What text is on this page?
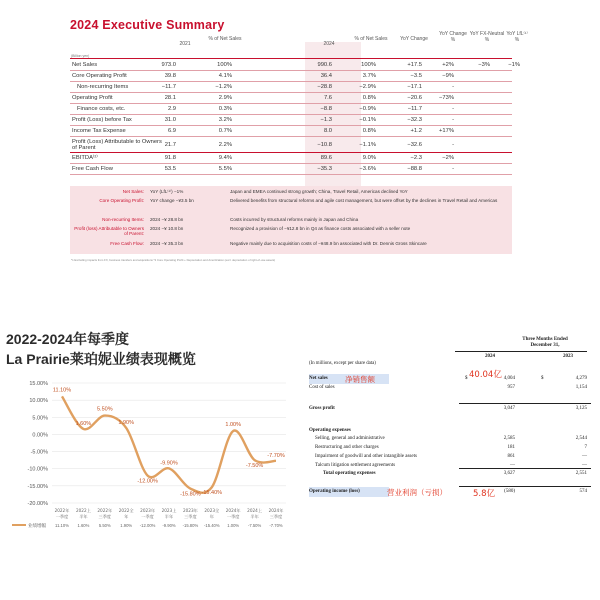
2024 Executive Summary
(Billion yen)
2021
% of Net Sales
2024
% of Net Sales	YoY Change
YoY Change %
YoY FX-Neutral %
YoY LfL⁽¹⁾ %
Net Sales	973.0	100%	990.6	100%	+17.5	+2%	−3%	−1%
Core Operating Profit	39.8	4.1%	36.4	3.7%	−3.5	−9%
Non-recurring Items	−11.7	−1.2%	−28.8	−2.9%	−17.1	-
Operating Profit	28.1	2.9%	7.6	0.8%	−20.6	−73%
Finance costs, etc.	2.9	0.3%	−8.8	−0.9%	−11.7	-
Profit (Loss) before Tax	31.0	3.2%	−1.3	−0.1%	−32.3	-
Income Tax Expense	6.9	0.7%	8.0	0.8%	+1.2	+17%
Profit (Loss) Attributable to Owners of Parent	21.7	2.2%	−10.8	−1.1%	−32.6	-
EBITDA⁽²⁾	91.8	9.4%	89.6	9.0%	−2.3	−2%
Free Cash Flow	53.5	5.5%	−35.3	−3.6%	−88.8	-
Net Sales: YoY (LfL⁽¹⁾) −1%	Japan and EMEA continued strong growth; China, Travel Retail, Americas declined YoY
Core Operating Profit: YoY change −¥3.5 bn	Delivered benefits from structural reforms and agile cost management, but were offset by the declines in Travel Retail and Americas
Non-recurring Items: 2024 −¥ 28.8 bn	Costs incurred by structural reforms mainly in Japan and China
Profit (loss) Attributable to Owners of Parent:
2024 −¥ 10.8 bn	Recognized a provision of −¥12.8 bn in Q4 as finance costs associated with a seller note
Free Cash Flow: 2024 −¥ 35.3 bn	Negative mainly due to acquisition costs of −¥48.9 bn associated with Dr. Dennis Gross Skincare
*1 Excluding impacts from FX, business transfers and acquisitions *2 Core Operating Profit + Depreciation and Amortization (excl. depreciation of right-of-use assets)
2022-2024年每季度
La Prairie莱珀妮业绩表现概览
15.00%
10.00%
5.00%
0.00%
-5.00%
-10.00%
-15.00%
-20.00%
11.10%
1.60%
5.50%
1.90%
-12.00%
-9.90%
-15.80% -15.40%
1.00%
-7.50%
-7.70%
2022年
一季度
11.10%
2022上
半年
1.60%
2022年
三季度
5.50%
2022全
年
1.90%
2023年
一季度
-12.00%
2023上
半年
-9.90%
2023年
三季度
-15.80%
2023全
年
-15.40%
2024年
一季度
1.00%
2024上
半年
-7.50%
2024年
三季度
-7.70%
业绩增幅
Three Months Ended
December 31,
2024	2023
(In millions, except per share data)
Net sales	$	4,004	$	4,279
Cost of sales	957	1,154
Gross profit	3,047	3,125
Operating expenses
Selling, general and administrative	2,585	2,544
Restructuring and other charges	181	7
Impairment of goodwill and other intangible assets	861	—
Talcum litigation settlement agreements	—	—
Total operating expenses	3,627	2,551
Operating income (loss)	(580)	574
净销售额	40.04亿
营业利润（亏损）	5.8亿
